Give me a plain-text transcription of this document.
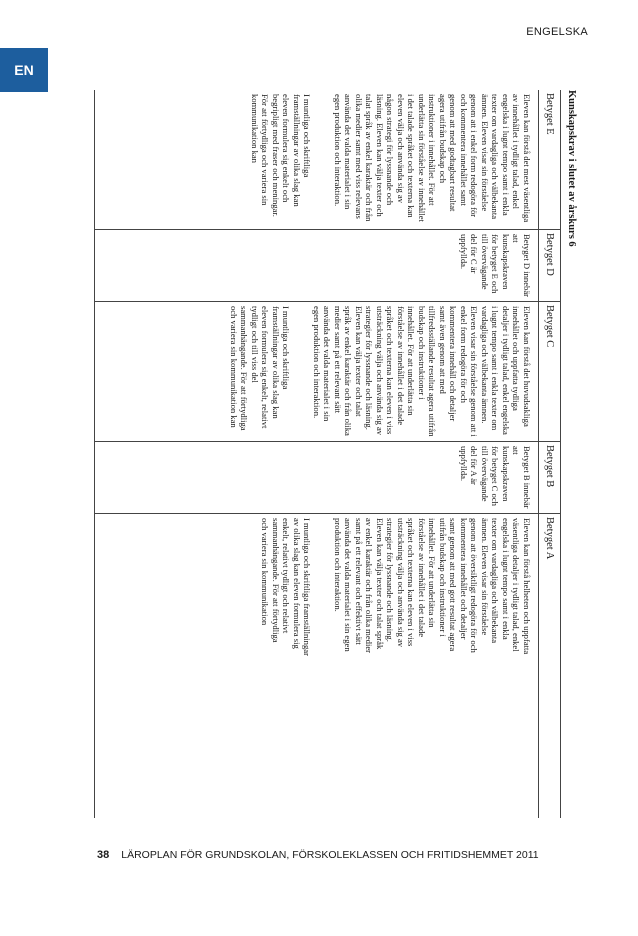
ENGELSKA
EN
Kunskapskrav i slutet av årskurs 6
Betyget E

Eleven kan förstå det mest väsentliga av innehållet i tydligt talad, enkel engelska i lugnt tempo samt i enkla texter om vardagliga och välbekanta ämnen. Eleven visar sin förståelse genom att i enkel form redogöra för och kommentera innehållet samt genom att med godtagbart resultat agera utifrån budskap och instruktioner i innehållet. För att underlätta sin förståelse av innehållet i det talade språket och texterna kan eleven välja och använda sig av någon strategi för lyssnande och läsning. Eleven kan välja texter och talat språk av enkel karaktär och från olika medier samt med viss relevans använda det valda materialet i sin egen produktion och interaktion.

I muntliga och skriftliga framställningar av olika slag kan eleven formulera sig enkelt och begripligt med fraser och meningar. För att förtydliga och variera sin kommunikation kan

Betyget D

Betyget D innebär att kunskapskraven för betyget E och till övervägande del för C är uppfyllda.

Betyget C

Eleven kan förstå det huvudsakliga innehållet och uppfatta tydliga detaljer i tydligt talad, enkel engelska i lugnt tempo samt i enkla texter om vardagliga och välbekanta ämnen. Eleven visar sin förståelse genom att i enkel form redogöra för och kommentera innehåll och detaljer samt även genom att med tillfredsställande resultat agera utifrån budskap och instruktioner i innehållet. För att underlätta sin förståelse av innehållet i det talade språket och texterna kan eleven i viss utsträckning välja och använda sig av strategier för lyssnande och läsning. Eleven kan välja texter och talat språk av enkel karaktär och från olika medier samt på ett relevant sätt använda det valda materialet i sin egen produktion och interaktion.

I muntliga och skriftliga framställningar av olika slag kan eleven formulera sig enkelt, relativt tydligt och till viss del sammanhängande. För att förtydliga och variera sin kommunikation kan

Betyget B

Betyget B innebär att kunskapskraven för betyget C och till övervägande del för A är uppfyllda.

Betyget A

Eleven kan förstå helheten och uppfatta väsentliga detaljer i tydligt talad, enkel engelska i lugnt tempo samt i enkla texter om vardagliga och välbekanta ämnen. Eleven visar sin förståelse genom att översiktligt redogöra för och kommentera innehållet och detaljer samt genom att med gott resultat agera utifrån budskap och instruktioner i innehållet. För att underlätta sin förståelse av innehållet i det talade språket och texterna kan eleven i viss utsträckning välja och använda sig av strategier för lyssnande och läsning. Eleven kan välja texter och talat språk av enkel karaktär och från olika medier samt på ett relevant och effektivt sätt använda det valda materialet i sin egen produktion och interaktion.

I muntliga och skriftliga framställningar av olika slag kan eleven formulera sig enkelt, relativt tydligt och relativt sammanhängande. För att förtydliga och variera sin kommunikation

38 LÄROPLAN FÖR GRUNDSKOLAN, FÖRSKOLEKLASSEN OCH FRITIDSHEMMET 2011
